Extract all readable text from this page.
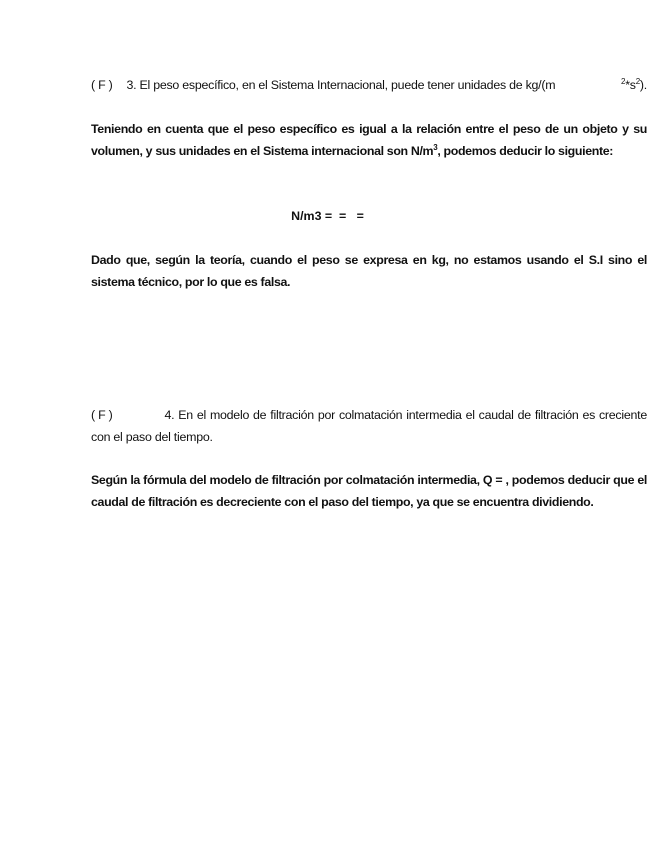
( F ) 3. El peso específico, en el Sistema Internacional, puede tener unidades de kg/(m	$^2*s^2$).
Teniendo en cuenta que el peso específico es igual a la relación entre el peso de un objeto y su volumen, y sus unidades en el Sistema internacional son $N/m^3$, podemos deducir lo siguiente:
N/m3 =  =   =
Dado que, según la teoría, cuando el peso se expresa en kg, no estamos usando el S.I sino el sistema técnico, por lo que es falsa.
( F )	4. En el modelo de filtración por colmatación intermedia el caudal de filtración es creciente con el paso del tiempo.
Según la fórmula del modelo de filtración por colmatación intermedia, Q = , podemos deducir que el caudal de filtración es decreciente con el paso del tiempo, ya que se encuentra dividiendo.
